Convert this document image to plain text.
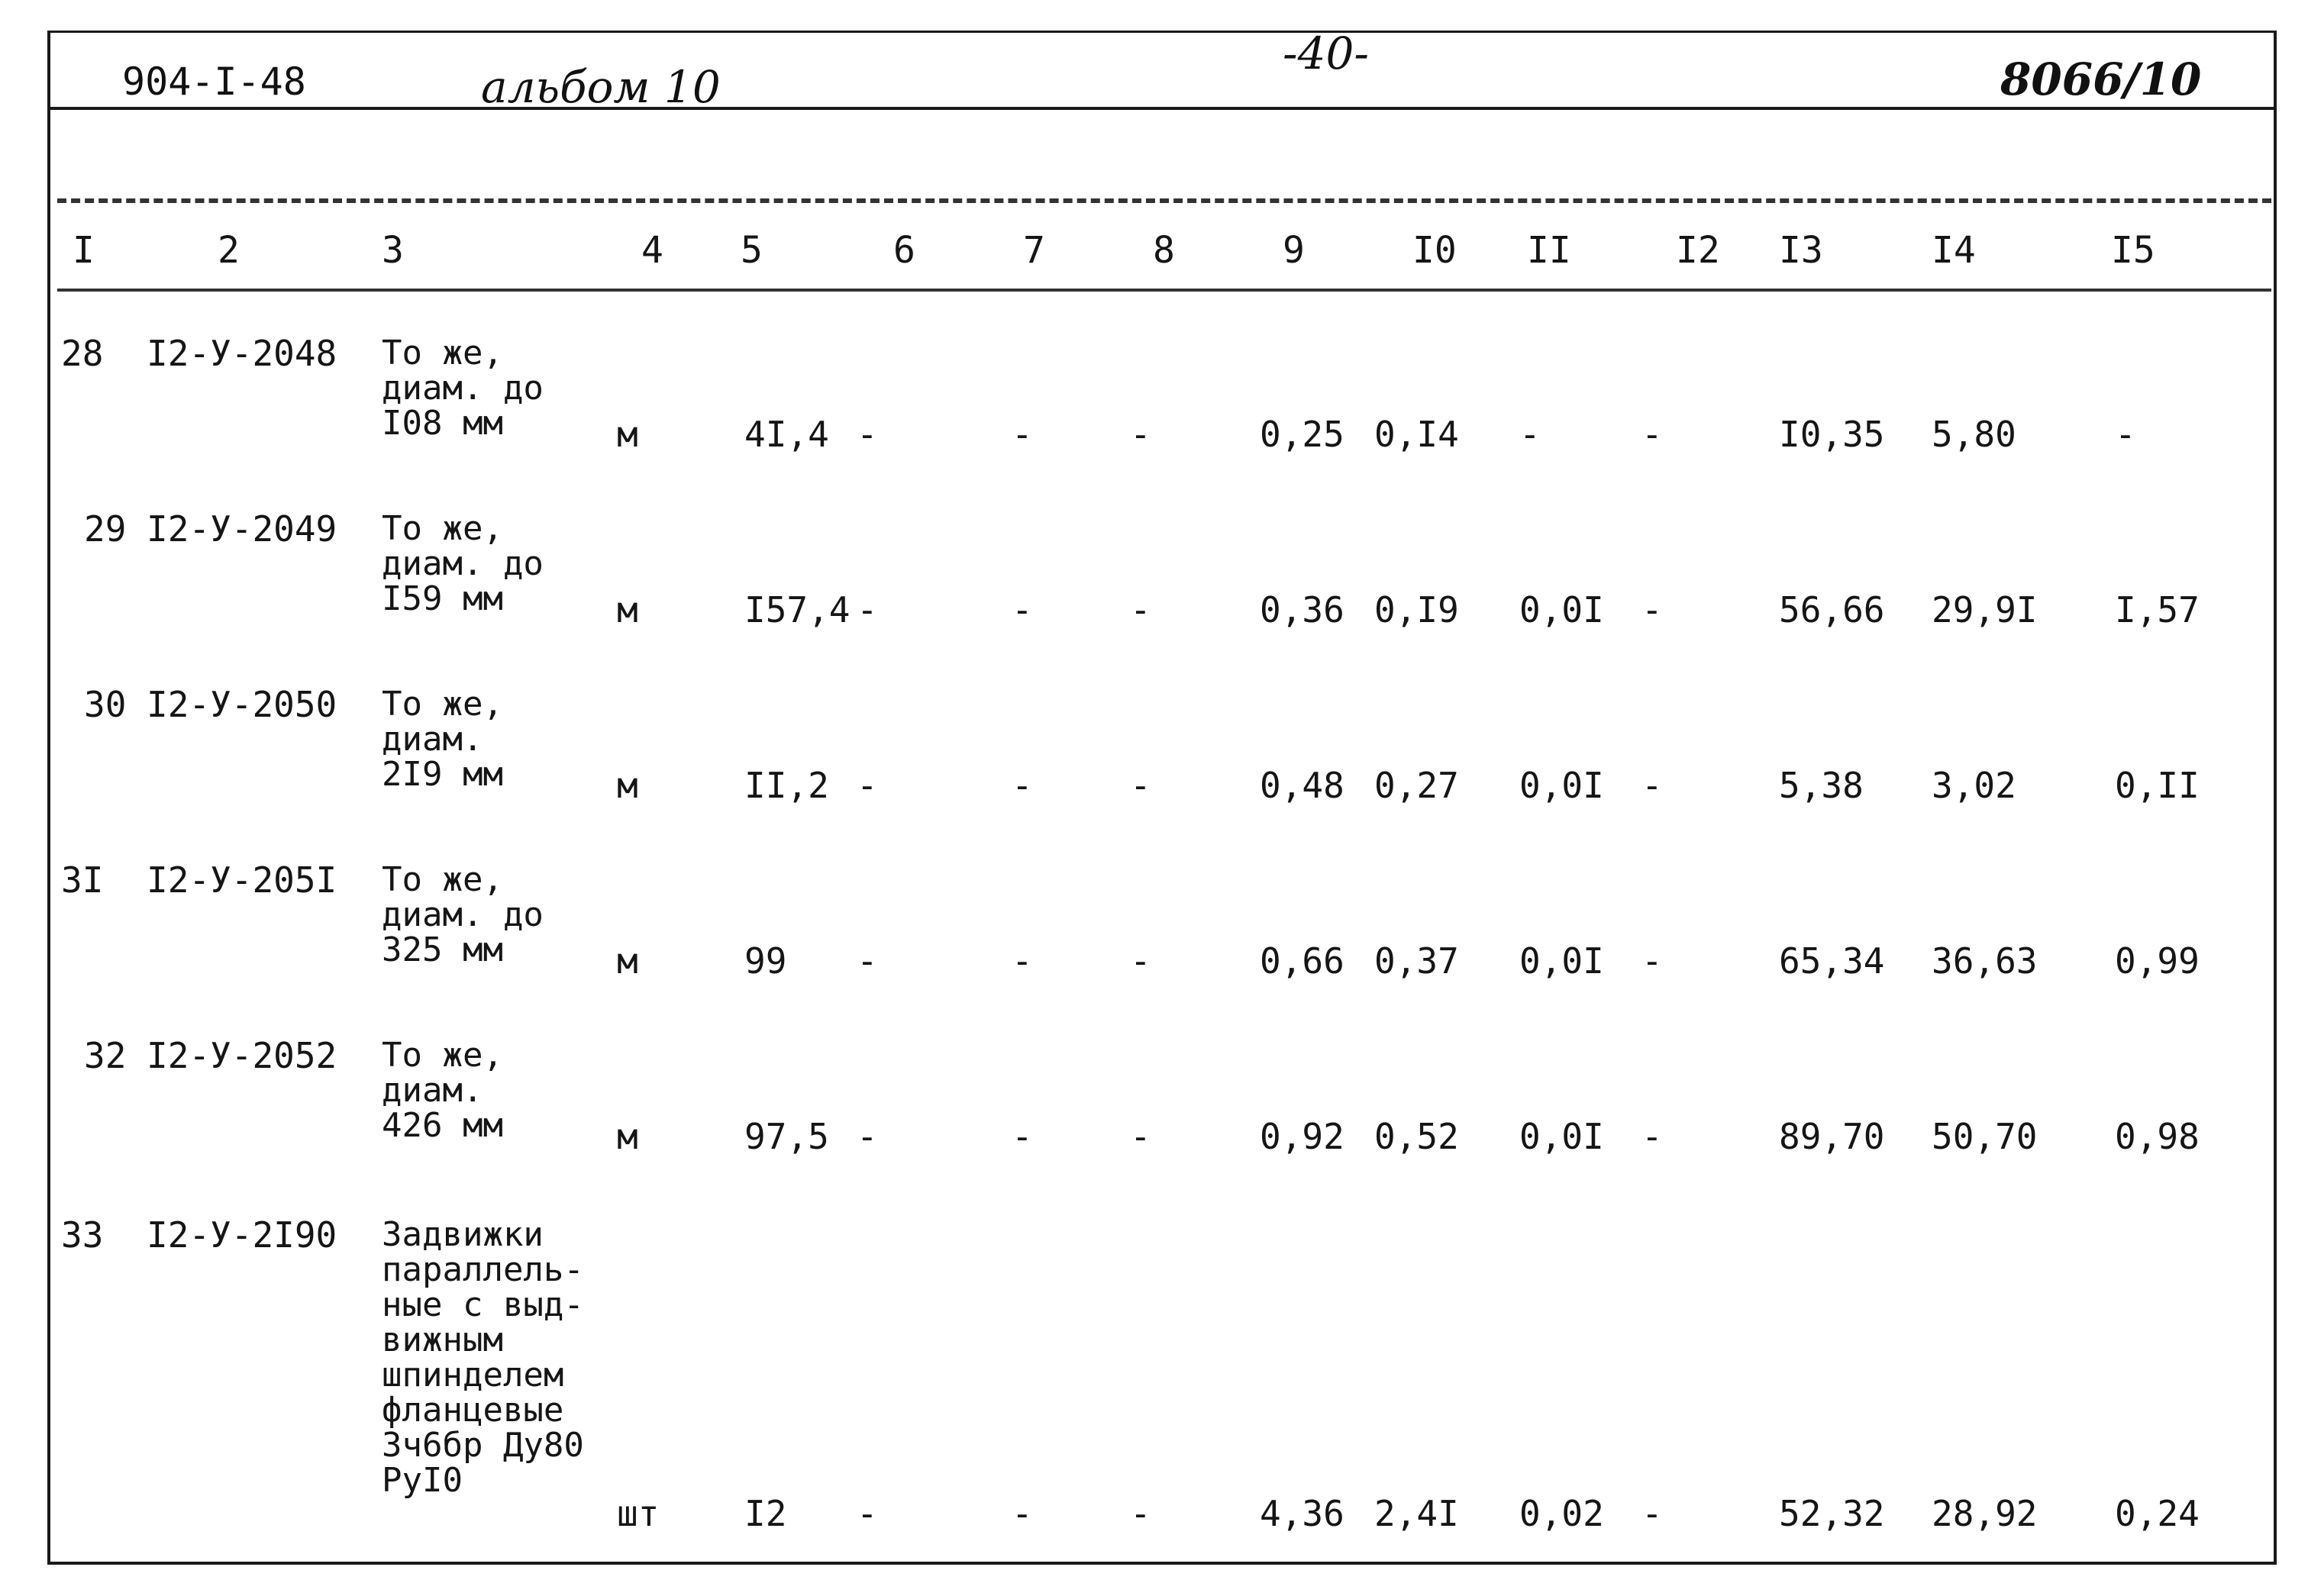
904-I-48	альбом 10
-40-	8066/10
I	2	3	4 5	6	7	8	9	I0 II	I2 I3	I4	I5
28 I2-У-2048 То же,
диам. до
I08 мм	м	4I,4 -	-	-	0,25 0,I4 -	-	I0,35 5,80	-
29 I2-У-2049 То же,
диам. до
I59 мм	м	I57,4 -	-	-	0,36 0,I9 0,0I -	56,66 29,9I I,57
30 I2-У-2050 То же,
диам.
2I9 мм	м	II,2 -	-	-	0,48 0,27 0,0I -	5,38 3,02	0,II
3I I2-У-205I То же,
диам. до
325 мм	м	99 -	-	-	0,66 0,37 0,0I -	65,34 36,63 0,99
32 I2-У-2052 То же,
диам.
426 мм	м	97,5 -	-	-	0,92 0,52 0,0I -	89,70 50,70 0,98
33 I2-У-2I90 Задвижки
параллель-
ные с выд-
вижным
шпинделем
фланцевые
3ч6бр Ду80
РуI0
шт I2 -	-	-	4,36 2,4I 0,02 -	52,32 28,92 0,24
